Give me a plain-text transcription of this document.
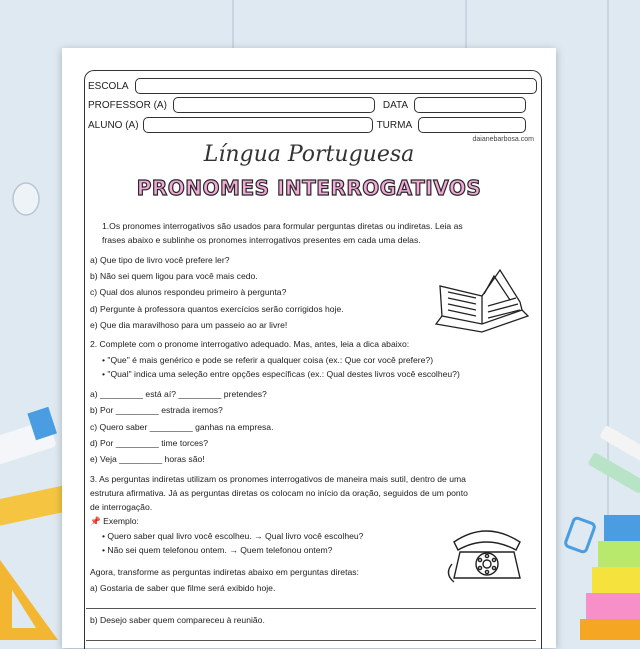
ESCOLA
PROFESSOR (A)	DATA
ALUNO (A)	TURMA
daianebarbosa.com
Língua Portuguesa
PRONOMES INTERROGATIVOS
1.Os pronomes interrogativos são usados para formular perguntas diretas ou indiretas. Leia as
frases abaixo e sublinhe os pronomes interrogativos presentes em cada uma delas.
a) Que tipo de livro você prefere ler?
b) Não sei quem ligou para você mais cedo.
c) Qual dos alunos respondeu primeiro à pergunta?
d) Pergunte à professora quantos exercícios serão corrigidos hoje.
e) Que dia maravilhoso para um passeio ao ar livre!
2. Complete com o pronome interrogativo adequado. Mas, antes, leia a dica abaixo:
• "Que" é mais genérico e pode se referir a qualquer coisa (ex.: Que cor você prefere?)
• "Qual" indica uma seleção entre opções específicas (ex.: Qual destes livros você escolheu?)
a) _________ está aí? _________ pretendes?
b) Por _________ estrada iremos?
c) Quero saber _________ ganhas na empresa.
d) Por _________ time torces?
e) Veja _________ horas são!
3. As perguntas indiretas utilizam os pronomes interrogativos de maneira mais sutil, dentro de uma
estrutura afirmativa. Já as perguntas diretas os colocam no início da oração, seguidos de um ponto
de interrogação.
📌 Exemplo:
• Quero saber qual livro você escolheu. → Qual livro você escolheu?
• Não sei quem telefonou ontem. → Quem telefonou ontem?
Agora, transforme as perguntas indiretas abaixo em perguntas diretas:
a) Gostaria de saber que filme será exibido hoje.
b) Desejo saber quem compareceu à reunião.
